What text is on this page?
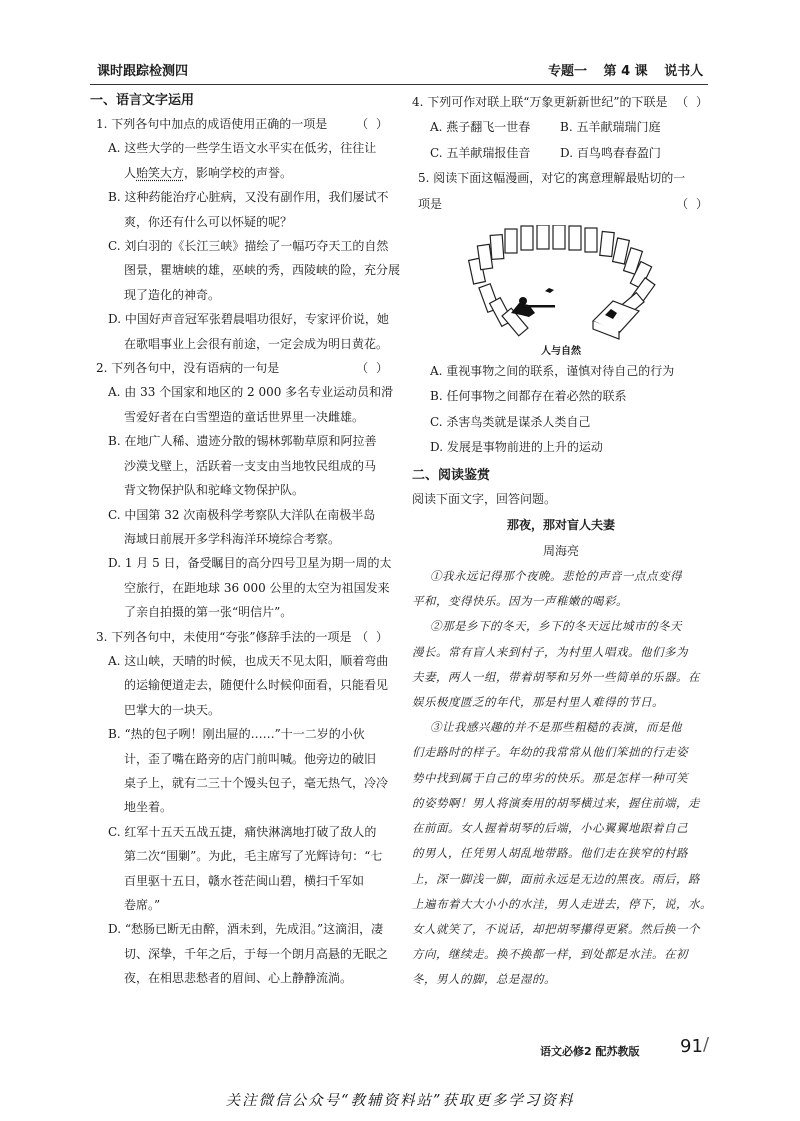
课时跟踪检测四	专题一 第 4 课 说书人
一、语言文字运用
1. 下列各句中加点的成语使用正确的一项是 （ ）
A. 这些大学的一些学生语文水平实在低劣，往往让
人贻笑大方，影响学校的声誉。
B. 这种药能治疗心脏病，又没有副作用，我们屡试不
爽，你还有什么可以怀疑的呢？
C. 刘白羽的《长江三峡》描绘了一幅巧夺天工的自然
图景，瞿塘峡的雄，巫峡的秀，西陵峡的险，充分展
现了造化的神奇。
D. 中国好声音冠军张碧晨唱功很好，专家评价说，她
在歌唱事业上会很有前途，一定会成为明日黄花。
2. 下列各句中，没有语病的一句是	（ ）
A. 由 33 个国家和地区的 2 000 多名专业运动员和滑
雪爱好者在白雪塑造的童话世界里一决雌雄。
B. 在地广人稀、遗迹分散的锡林郭勒草原和阿拉善
沙漠戈壁上，活跃着一支支由当地牧民组成的马
背文物保护队和驼峰文物保护队。
C. 中国第 32 次南极科学考察队大洋队在南极半岛
海域日前展开多学科海洋环境综合考察。
D. 1 月 5 日，备受瞩目的高分四号卫星为期一周的太
空旅行，在距地球 36 000 公里的太空为祖国发来
了亲自拍摄的第一张“明信片”。
3. 下列各句中，未使用“夸张”修辞手法的一项是 （ ）
A. 这山峡，天晴的时候，也成天不见太阳，顺着弯曲
的运输便道走去，随便什么时候仰面看，只能看见
巴掌大的一块天。
B. “热的包子咧！刚出屉的……”十一二岁的小伙
计，歪了嘴在路旁的店门前叫喊。他旁边的破旧
桌子上，就有二三十个馒头包子，毫无热气，冷冷
地坐着。
C. 红军十五天五战五捷，痛快淋漓地打破了敌人的
第二次“围剿”。为此，毛主席写了光辉诗句：“七
百里驱十五日，赣水苍茫闽山碧，横扫千军如
卷席。”
D. “愁肠已断无由醉，酒未到，先成泪。”这滴泪，凄
切、深挚，千年之后，于每一个朗月高悬的无眠之
夜，在相思悲愁者的眉间、心上静静流淌。
4. 下列可作对联上联“万象更新新世纪”的下联是 （ ）
A. 燕子翻飞一世春	B. 五羊献瑞瑞门庭
C. 五羊献瑞报佳音	D. 百鸟鸣春春盈门
5. 阅读下面这幅漫画，对它的寓意理解最贴切的一
项是	（ ）
人与自然
A. 重视事物之间的联系，谨慎对待自己的行为
B. 任何事物之间都存在着必然的联系
C. 杀害鸟类就是谋杀人类自己
D. 发展是事物前进的上升的运动
二、阅读鉴赏
阅读下面文字，回答问题。
那夜，那对盲人夫妻
周海亮
①我永远记得那个夜晚。悲怆的声音一点点变得
平和，变得快乐。因为一声稚嫩的喝彩。
②那是乡下的冬天，乡下的冬天远比城市的冬天
漫长。常有盲人来到村子，为村里人唱戏。他们多为
夫妻，两人一组，带着胡琴和另外一些简单的乐器。在
娱乐极度匮乏的年代，那是村里人难得的节日。
③让我感兴趣的并不是那些粗糙的表演，而是他
们走路时的样子。年幼的我常常从他们笨拙的行走姿
势中找到属于自己的卑劣的快乐。那是怎样一种可笑
的姿势啊！男人将演奏用的胡琴横过来，握住前端，走
在前面。女人握着胡琴的后端，小心翼翼地跟着自己
的男人，任凭男人胡乱地带路。他们走在狭窄的村路
上，深一脚浅一脚，面前永远是无边的黑夜。雨后，路
上遍布着大大小小的水洼，男人走进去，停下，说，水。
女人就笑了，不说话，却把胡琴攥得更紧。然后换一个
方向，继续走。换不换都一样，到处都是水洼。在初
冬，男人的脚，总是湿的。
语文必修2 配苏教版 91 /
关注微信公众号“教辅资料站”获取更多学习资料
